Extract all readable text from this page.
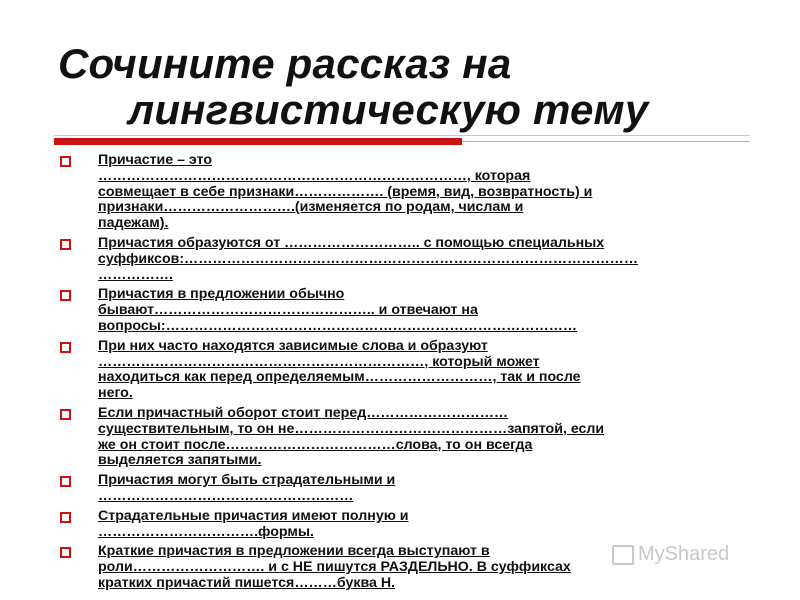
Сочините рассказ на
лингвистическую тему
Причастие – это
……………………………………………………………………, которая
совмещает в себе признаки………………. (время, вид, возвратность) и
признаки……………………….(изменяется по родам, числам и
падежам).
Причастия образуются от ……………………….. с помощью специальных
суффиксов:……………………………………………………………………………………
…………….
Причастия в предложении обычно
бывают……………………………………….. и отвечают на
вопросы:……………………………………………………………………………
При них часто находятся зависимые слова и образуют
……………………………………………………………, который может
находиться как перед определяемым………………………, так и после
него.
Если причастный оборот стоит перед…………………………
существительным, то он не………………………………………запятой, если
же он стоит после………………………………слова, то он всегда
выделяется запятыми.
Причастия могут быть страдательными и
………………………………………………
Страдательные причастия имеют полную и
…………………………….формы.
Краткие причастия в предложении всегда выступают в
роли………………………. и с НЕ пишутся РАЗДЕЛЬНО. В суффиксах
кратких причастий пишется………буква Н.
MyShared
